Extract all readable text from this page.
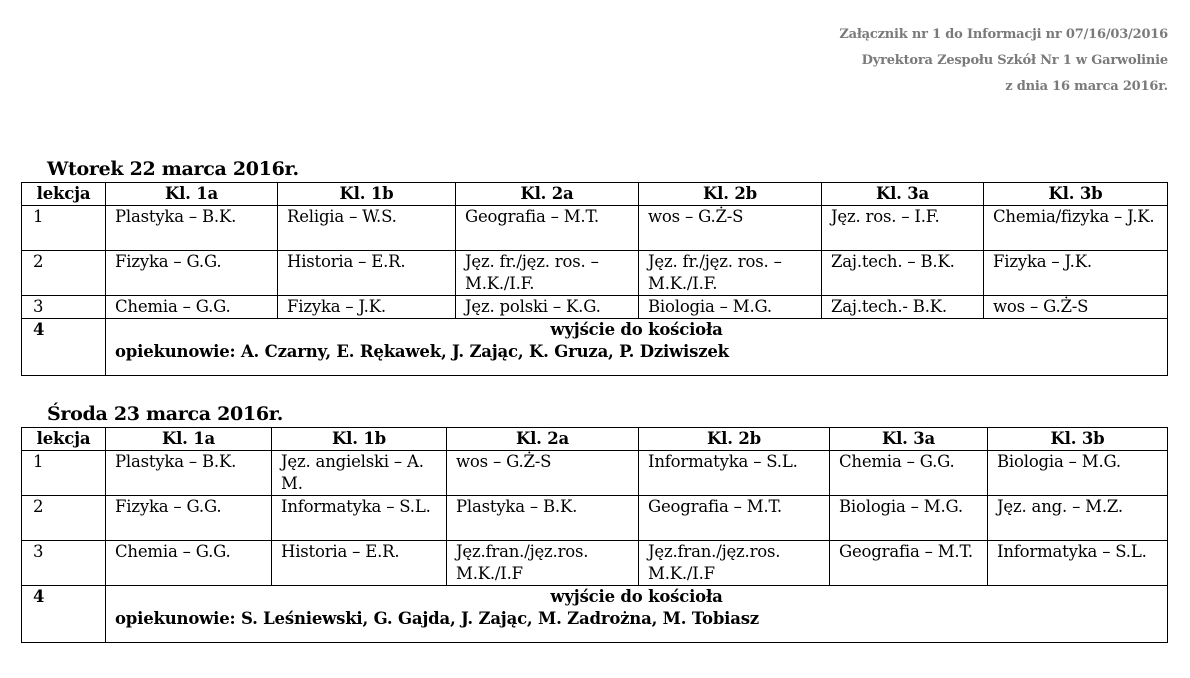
Załącznik nr 1 do Informacji nr 07/16/03/2016
Dyrektora Zespołu Szkół Nr 1 w Garwolinie
z dnia 16 marca 2016r.
Wtorek 22 marca 2016r.
lekcja	Kl. 1a	Kl. 1b	Kl. 2a	Kl. 2b	Kl. 3a	Kl. 3b
1	Plastyka – B.K.	Religia – W.S.	Geografia – M.T.	wos – G.Ż-S	Jęz. ros. – I.F.	Chemia/fizyka – J.K.
2	Fizyka – G.G.	Historia – E.R.	Jęz. fr./jęz. ros. – M.K./I.F.	Jęz. fr./jęz. ros. – M.K./I.F.	Zaj.tech. – B.K.	Fizyka – J.K.
3	Chemia – G.G.	Fizyka – J.K.	Jęz. polski – K.G.	Biologia – M.G.	Zaj.tech.- B.K.	wos – G.Ż-S
4	wyjście do kościoła
opiekunowie: A. Czarny, E. Rękawek, J. Zając, K. Gruza, P. Dziwiszek					
Środa 23 marca 2016r.
lekcja	Kl. 1a	Kl. 1b	Kl. 2a	Kl. 2b	Kl. 3a	Kl. 3b
1	Plastyka – B.K.	Jęz. angielski – A. M.	wos – G.Ż-S	Informatyka – S.L.	Chemia – G.G.	Biologia – M.G.
2	Fizyka – G.G.	Informatyka – S.L.	Plastyka – B.K.	Geografia – M.T.	Biologia – M.G.	Jęz. ang. – M.Z.
3	Chemia – G.G.	Historia – E.R.	Jęz.fran./jęz.ros. M.K./I.F	Jęz.fran./jęz.ros. M.K./I.F	Geografia – M.T.	Informatyka – S.L.
4	wyjście do kościoła
opiekunowie: S. Leśniewski, G. Gajda, J. Zając, M. Zadrożna, M. Tobiasz					
